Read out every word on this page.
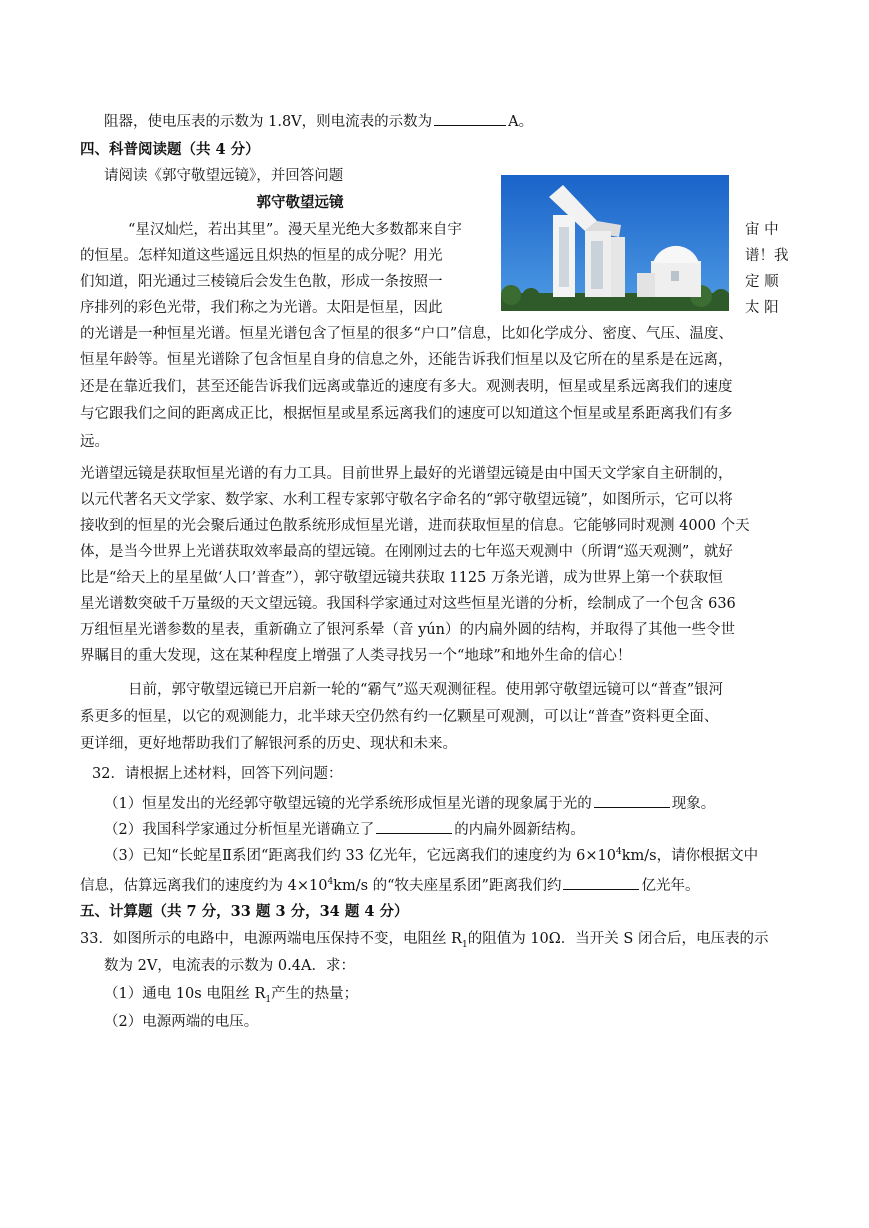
阻器，使电压表的示数为 1.8V，则电流表的示数为	A。
四、科普阅读题（共 4 分）
请阅读《郭守敬望远镜》，并回答问题
郭守敬望远镜
“星汉灿烂，若出其里”。漫天星光绝大多数都来自宇	宙 中
的恒星。怎样知道这些遥远且炽热的恒星的成分呢？用光	谱！我
们知道，阳光通过三棱镜后会发生色散，形成一条按照一	定 顺
序排列的彩色光带，我们称之为光谱。太阳是恒星，因此	太 阳
的光谱是一种恒星光谱。恒星光谱包含了恒星的很多“户口”信息，比如化学成分、密度、气压、温度、
恒星年龄等。恒星光谱除了包含恒星自身的信息之外，还能告诉我们恒星以及它所在的星系是在远离，
还是在靠近我们，甚至还能告诉我们远离或靠近的速度有多大。观测表明，恒星或星系远离我们的速度
与它跟我们之间的距离成正比，根据恒星或星系远离我们的速度可以知道这个恒星或星系距离我们有多
远。
光谱望远镜是获取恒星光谱的有力工具。目前世界上最好的光谱望远镜是由中国天文学家自主研制的，
以元代著名天文学家、数学家、水利工程专家郭守敬名字命名的“郭守敬望远镜”，如图所示，它可以将
接收到的恒星的光会聚后通过色散系统形成恒星光谱，进而获取恒星的信息。它能够同时观测 4000 个天
体，是当今世界上光谱获取效率最高的望远镜。在刚刚过去的七年巡天观测中（所谓“巡天观测”，就好
比是“给天上的星星做‘人口’普查”），郭守敬望远镜共获取 1125 万条光谱，成为世界上第一个获取恒
星光谱数突破千万量级的天文望远镜。我国科学家通过对这些恒星光谱的分析，绘制成了一个包含 636
万组恒星光谱参数的星表，重新确立了银河系晕（音 yún）的内扁外圆的结构，并取得了其他一些令世
界瞩目的重大发现，这在某种程度上增强了人类寻找另一个“地球”和地外生命的信心！
日前，郭守敬望远镜已开启新一轮的“霸气”巡天观测征程。使用郭守敬望远镜可以“普查”银河
系更多的恒星，以它的观测能力，北半球天空仍然有约一亿颗星可观测，可以让“普查”资料更全面、
更详细，更好地帮助我们了解银河系的历史、现状和未来。
32．请根据上述材料，回答下列问题：
（1）恒星发出的光经郭守敬望远镜的光学系统形成恒星光谱的现象属于光的	现象。
（2）我国科学家通过分析恒星光谱确立了	的内扁外圆新结构。
（3）已知“长蛇星Ⅱ系团“距离我们约 33 亿光年，它远离我们的速度约为 $6\times 10^4km/s$，请你根据文中
信息，估算远离我们的速度约为 $4\times 10^4km/s$ 的“牧夫座星系团”距离我们约	亿光年。
五、计算题（共 7 分，33 题 3 分，34 题 4 分）
33．如图所示的电路中，电源两端电压保持不变，电阻丝 $R_1$的阻值为 10Ω．当开关 S 闭合后，电压表的示
数为 2V，电流表的示数为 0.4A．求：
（1）通电 10s 电阻丝 $R_1$产生的热量；
（2）电源两端的电压。
